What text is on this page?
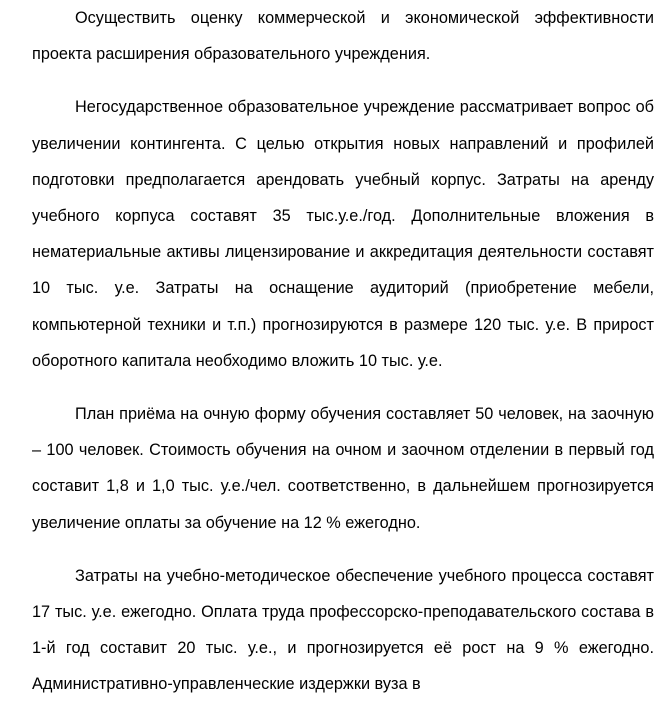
Осуществить оценку коммерческой и экономической эффективности проекта расширения образовательного учреждения.

Негосударственное образовательное учреждение рассматривает вопрос об увеличении контингента. С целью открытия новых направлений и профилей подготовки предполагается арендовать учебный корпус. Затраты на аренду учебного корпуса составят 35 тыс.у.е./год. Дополнительные вложения в нематериальные активы лицензирование и аккредитация деятельности составят 10 тыс. у.е. Затраты на оснащение аудиторий (приобретение мебели, компьютерной техники и т.п.) прогнозируются в размере 120 тыс. у.е. В прирост оборотного капитала необходимо вложить 10 тыс. у.е.

План приёма на очную форму обучения составляет 50 человек, на заочную – 100 человек. Стоимость обучения на очном и заочном отделении в первый год составит 1,8 и 1,0 тыс. у.е./чел. соответственно, в дальнейшем прогнозируется увеличение оплаты за обучение на 12 % ежегодно.

Затраты на учебно-методическое обеспечение учебного процесса составят 17 тыс. у.е. ежегодно. Оплата труда профессорско-преподавательского состава в 1-й год составит 20 тыс. у.е., и прогнозируется её рост на 9 % ежегодно. Административно-управленческие издержки вуза в
